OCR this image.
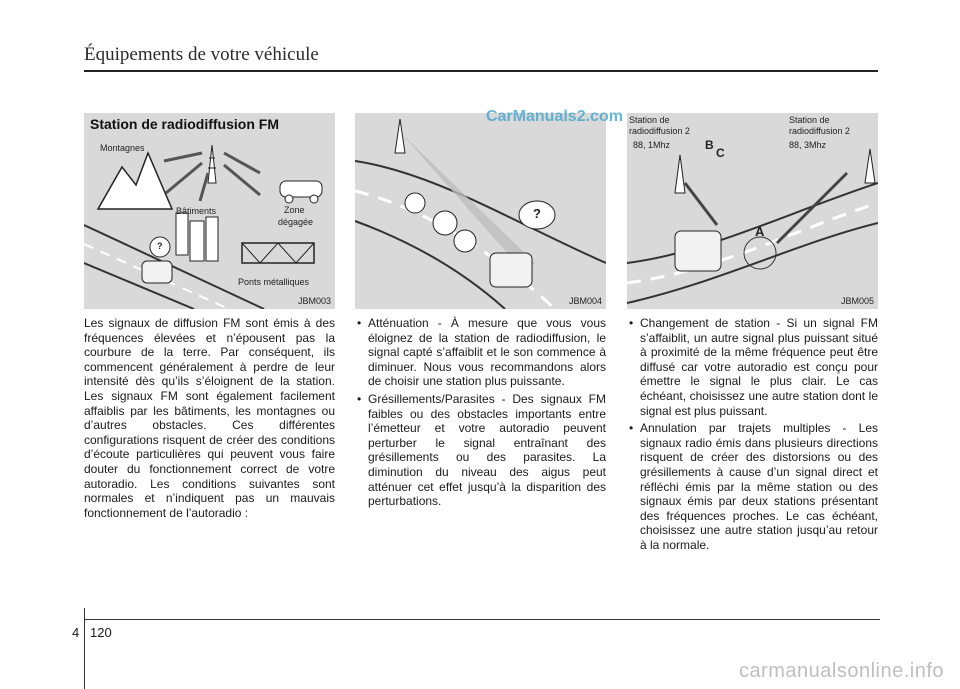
Équipements de votre véhicule
Station de radiodiffusion FM
Montagnes
Bâtiments	Zone
dégagée
Ponts métalliques
?
JBM003
?
JBM004
Station de
radiodiffusion 2
88, 1Mhz
Station de
radiodiffusion 2
88, 3Mhz
B
C
A
JBM005
CarManuals2.com

Les signaux de diffusion FM sont émis à des fréquences élevées et n’épousent pas la courbure de la terre. Par conséquent, ils commencent généralement à perdre de leur intensité dès qu’ils s’éloignent de la station. Les signaux FM sont également facilement affaiblis par les bâtiments, les montagnes ou d’autres obstacles. Ces différentes configurations risquent de créer des conditions d’écoute particulières qui peuvent vous faire douter du fonctionnement correct de votre autoradio. Les conditions suivantes sont normales et n’indiquent pas un mauvais fonctionnement de l’autoradio :

• Atténuation - À mesure que vous vous éloignez de la station de radiodiffusion, le signal capté s’affaiblit et le son commence à diminuer. Nous vous recommandons alors de choisir une station plus puissante.
• Grésillements/Parasites - Des signaux FM faibles ou des obstacles importants entre l’émetteur et votre autoradio peuvent perturber le signal entraînant des grésillements ou des parasites. La diminution du niveau des aigus peut atténuer cet effet jusqu’à la disparition des perturbations.
• Changement de station - Si un signal FM s’affaiblit, un autre signal plus puissant situé à proximité de la même fréquence peut être diffusé car votre autoradio est conçu pour émettre le signal le plus clair. Le cas échéant, choisissez une autre station dont le signal est plus puissant.
• Annulation par trajets multiples - Les signaux radio émis dans plusieurs directions risquent de créer des distorsions ou des grésillements à cause d’un signal direct et réfléchi émis par la même station ou des signaux émis par deux stations présentant des fréquences proches. Le cas échéant, choisissez une autre station jusqu’au retour à la normale.
4 120
carmanualsonline.info
